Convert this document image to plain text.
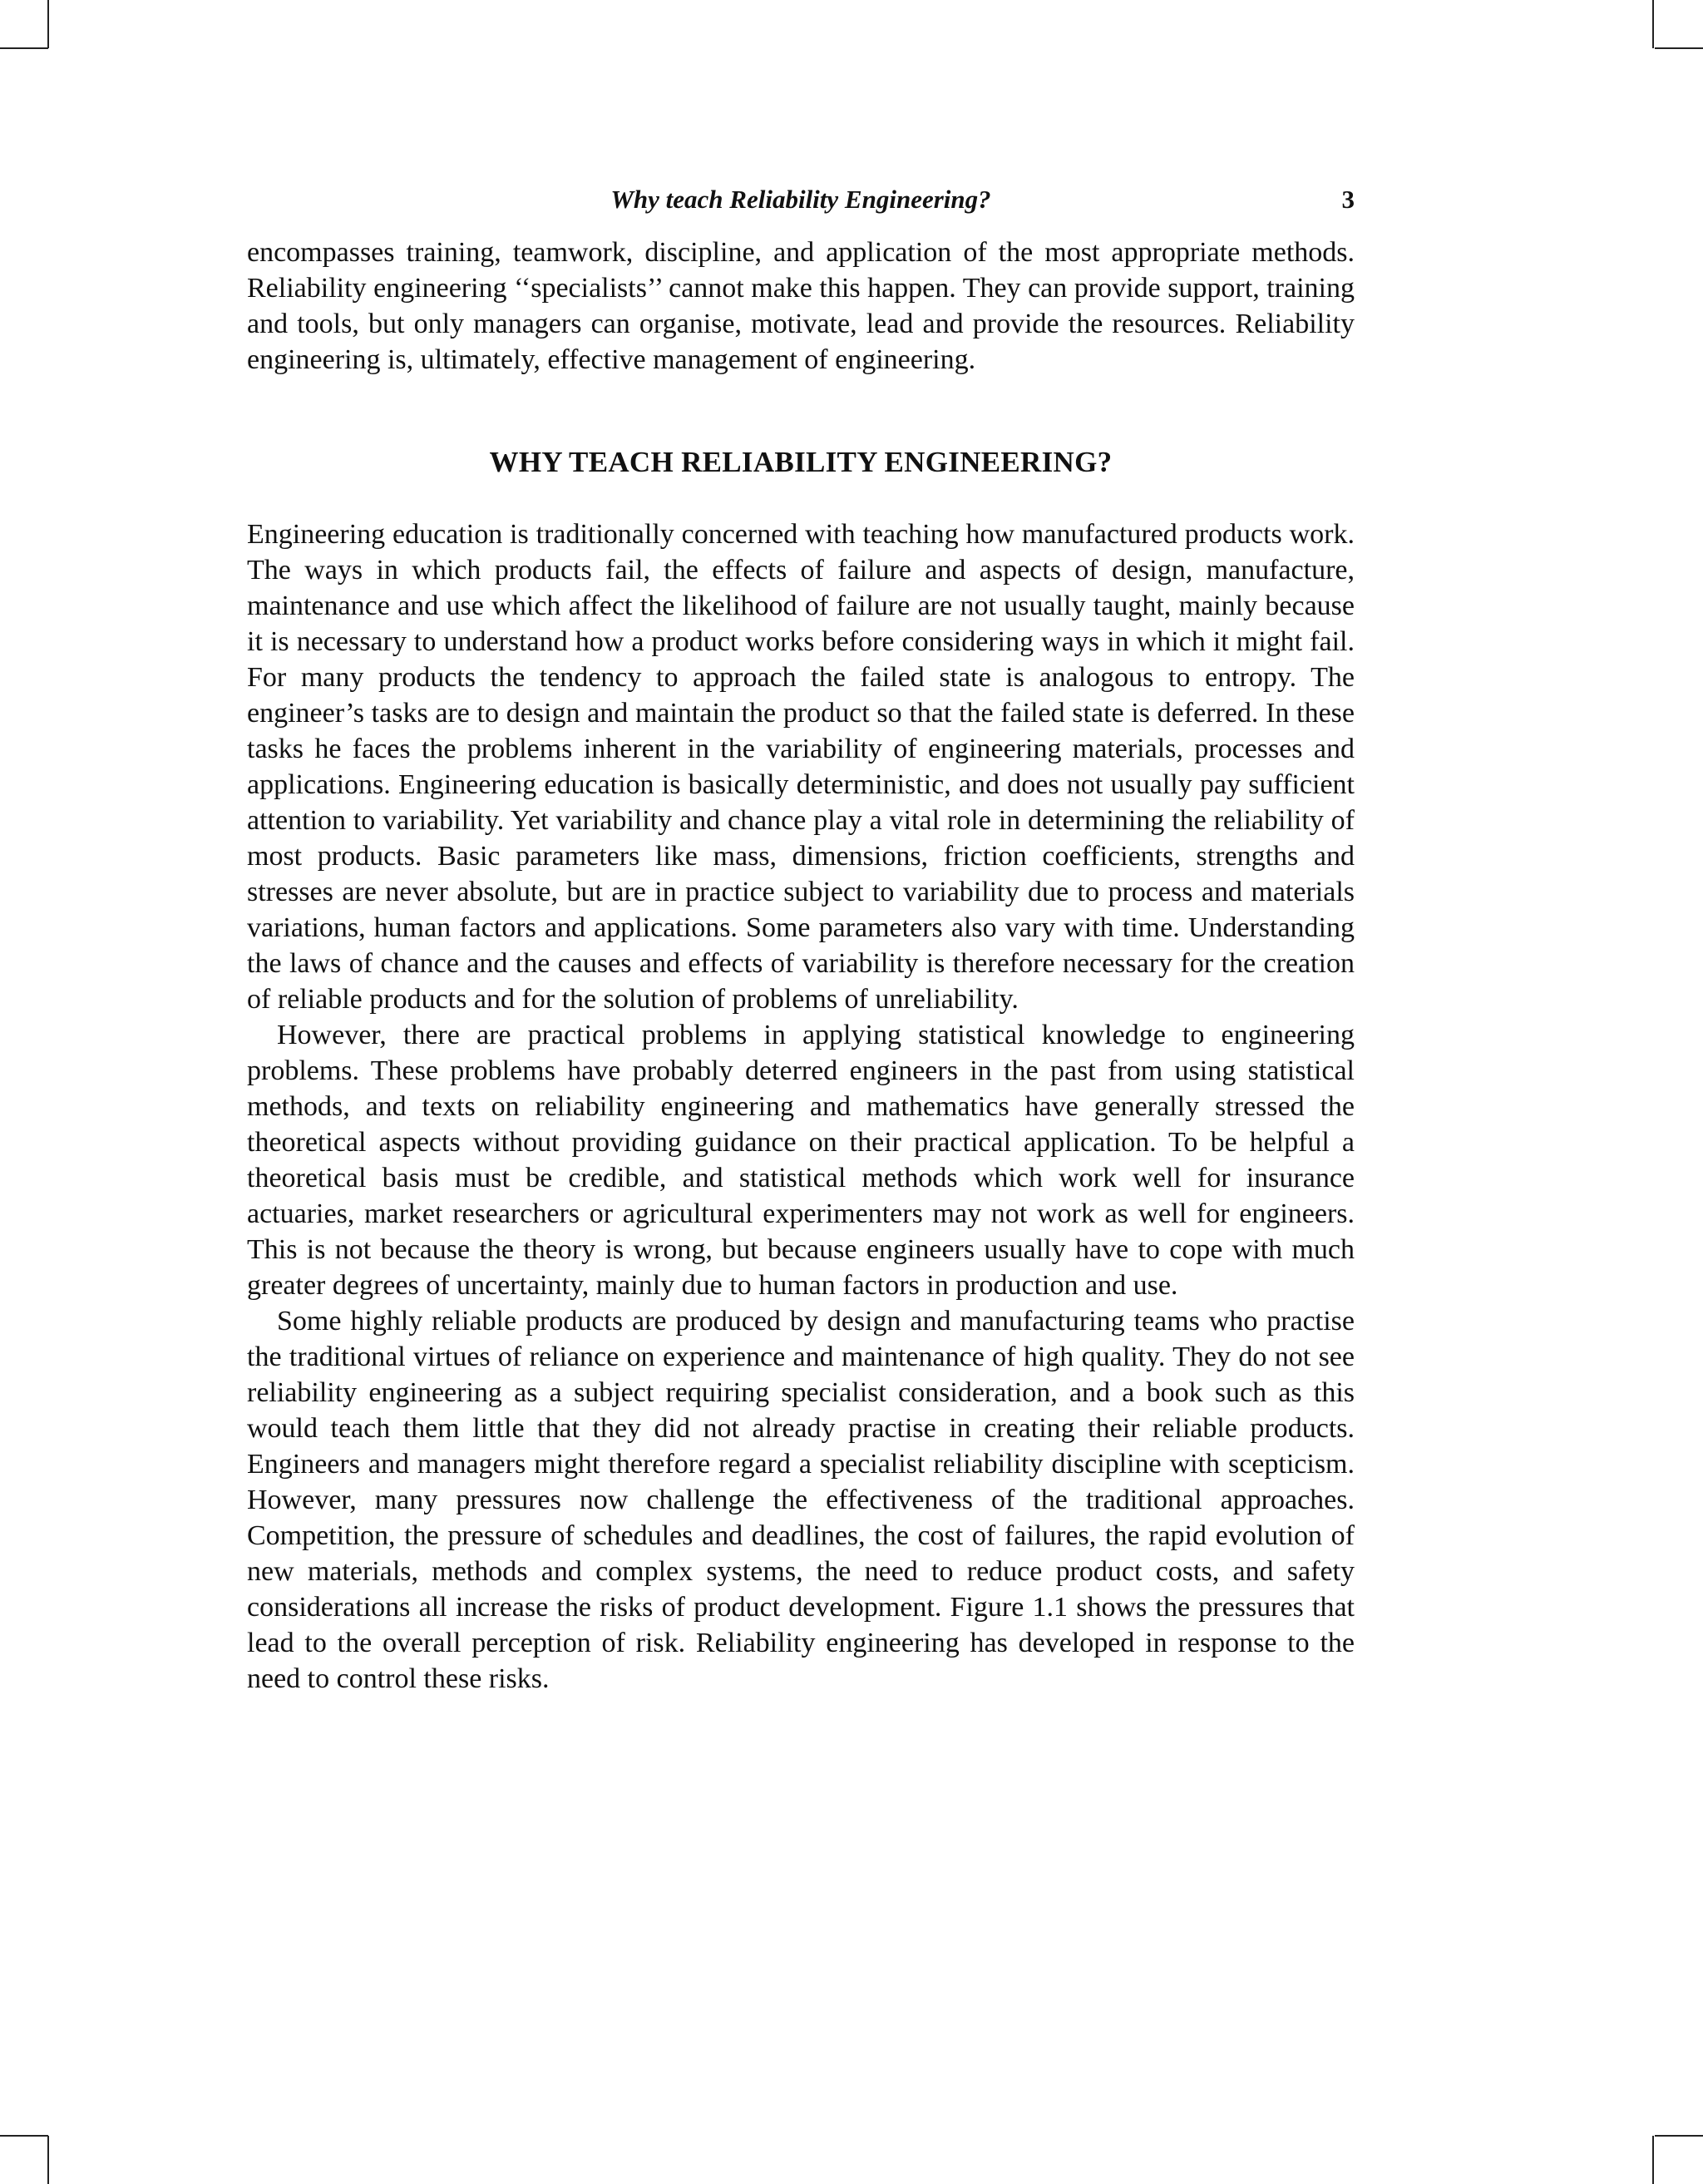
Why teach Reliability Engineering?	3

encompasses training, teamwork, discipline, and application of the most appropriate methods. Reliability engineering ‘‘specialists’’ cannot make this happen. They can provide support, training and tools, but only managers can organise, motivate, lead and provide the resources. Reliability engineering is, ultimately, effective management of engineering.

WHY TEACH RELIABILITY ENGINEERING?

Engineering education is traditionally concerned with teaching how manufactured products work. The ways in which products fail, the effects of failure and aspects of design, manufacture, maintenance and use which affect the likelihood of failure are not usually taught, mainly because it is necessary to understand how a product works before considering ways in which it might fail. For many products the tendency to approach the failed state is analogous to entropy. The engineer’s tasks are to design and maintain the product so that the failed state is deferred. In these tasks he faces the problems inherent in the variability of engineering materials, processes and applications. Engineering education is basically deterministic, and does not usually pay sufficient attention to variability. Yet variability and chance play a vital role in determining the reliability of most products. Basic parameters like mass, dimensions, friction coefficients, strengths and stresses are never absolute, but are in practice subject to variability due to process and materials variations, human factors and applications. Some parameters also vary with time. Understanding the laws of chance and the causes and effects of variability is therefore necessary for the creation of reliable products and for the solution of problems of unreliability.

However, there are practical problems in applying statistical knowledge to engineering problems. These problems have probably deterred engineers in the past from using statistical methods, and texts on reliability engineering and mathematics have generally stressed the theoretical aspects without providing guidance on their practical application. To be helpful a theoretical basis must be credible, and statistical methods which work well for insurance actuaries, market researchers or agricultural experimenters may not work as well for engineers. This is not because the theory is wrong, but because engineers usually have to cope with much greater degrees of uncertainty, mainly due to human factors in production and use.

Some highly reliable products are produced by design and manufacturing teams who practise the traditional virtues of reliance on experience and maintenance of high quality. They do not see reliability engineering as a subject requiring specialist consideration, and a book such as this would teach them little that they did not already practise in creating their reliable products. Engineers and managers might therefore regard a specialist reliability discipline with scepticism. However, many pressures now challenge the effectiveness of the traditional approaches. Competition, the pressure of schedules and deadlines, the cost of failures, the rapid evolution of new materials, methods and complex systems, the need to reduce product costs, and safety considerations all increase the risks of product development. Figure 1.1 shows the pressures that lead to the overall perception of risk. Reliability engineering has developed in response to the need to control these risks.
